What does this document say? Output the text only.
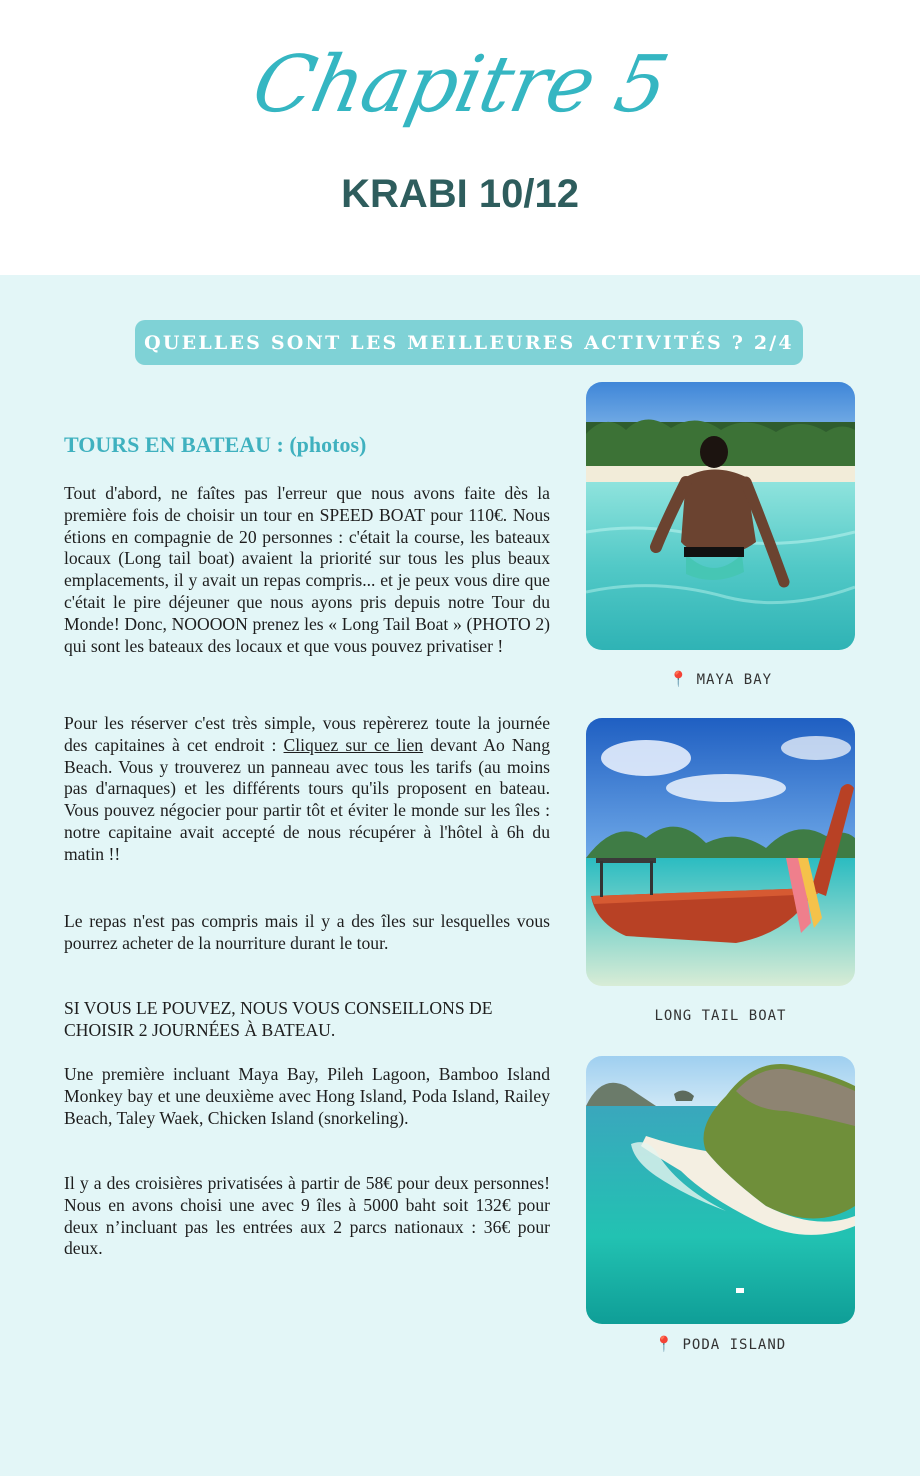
Chapitre 5
KRABI 10/12
QUELLES SONT LES MEILLEURES ACTIVITÉS ? 2/4
TOURS EN BATEAU : (photos)

Tout d'abord, ne faîtes pas l'erreur que nous avons faite dès la première fois de choisir un tour en SPEED BOAT pour 110€. Nous étions en compagnie de 20 personnes : c'était la course, les bateaux locaux (Long tail boat) avaient la priorité sur tous les plus beaux emplacements, il y avait un repas compris... et je peux vous dire que c'était le pire déjeuner que nous ayons pris depuis notre Tour du Monde! Donc, NOOOON prenez les « Long Tail Boat » (PHOTO 2) qui sont les bateaux des locaux et que vous pouvez privatiser !

Pour les réserver c'est très simple, vous repèrerez toute la journée des capitaines à cet endroit : Cliquez sur ce lien devant Ao Nang Beach. Vous y trouverez un panneau avec tous les tarifs (au moins pas d'arnaques) et les différents tours qu'ils proposent en bateau. Vous pouvez négocier pour partir tôt et éviter le monde sur les îles : notre capitaine avait accepté de nous récupérer à l'hôtel à 6h du matin !!

Le repas n'est pas compris mais il y a des îles sur lesquelles vous pourrez acheter de la nourriture durant le tour.

SI VOUS LE POUVEZ, NOUS VOUS CONSEILLONS DE CHOISIR 2 JOURNÉES À BATEAU.

Une première incluant Maya Bay, Pileh Lagoon, Bamboo Island Monkey bay et une deuxième avec Hong Island, Poda Island, Railey Beach, Taley Waek, Chicken Island (snorkeling).

Il y a des croisières privatisées à partir de 58€ pour deux personnes! Nous en avons choisi une avec 9 îles à 5000 baht soit 132€ pour deux n’incluant pas les entrées aux 2 parcs nationaux : 36€ pour deux.

📍 MAYA BAY
LONG TAIL BOAT
📍 PODA ISLAND
